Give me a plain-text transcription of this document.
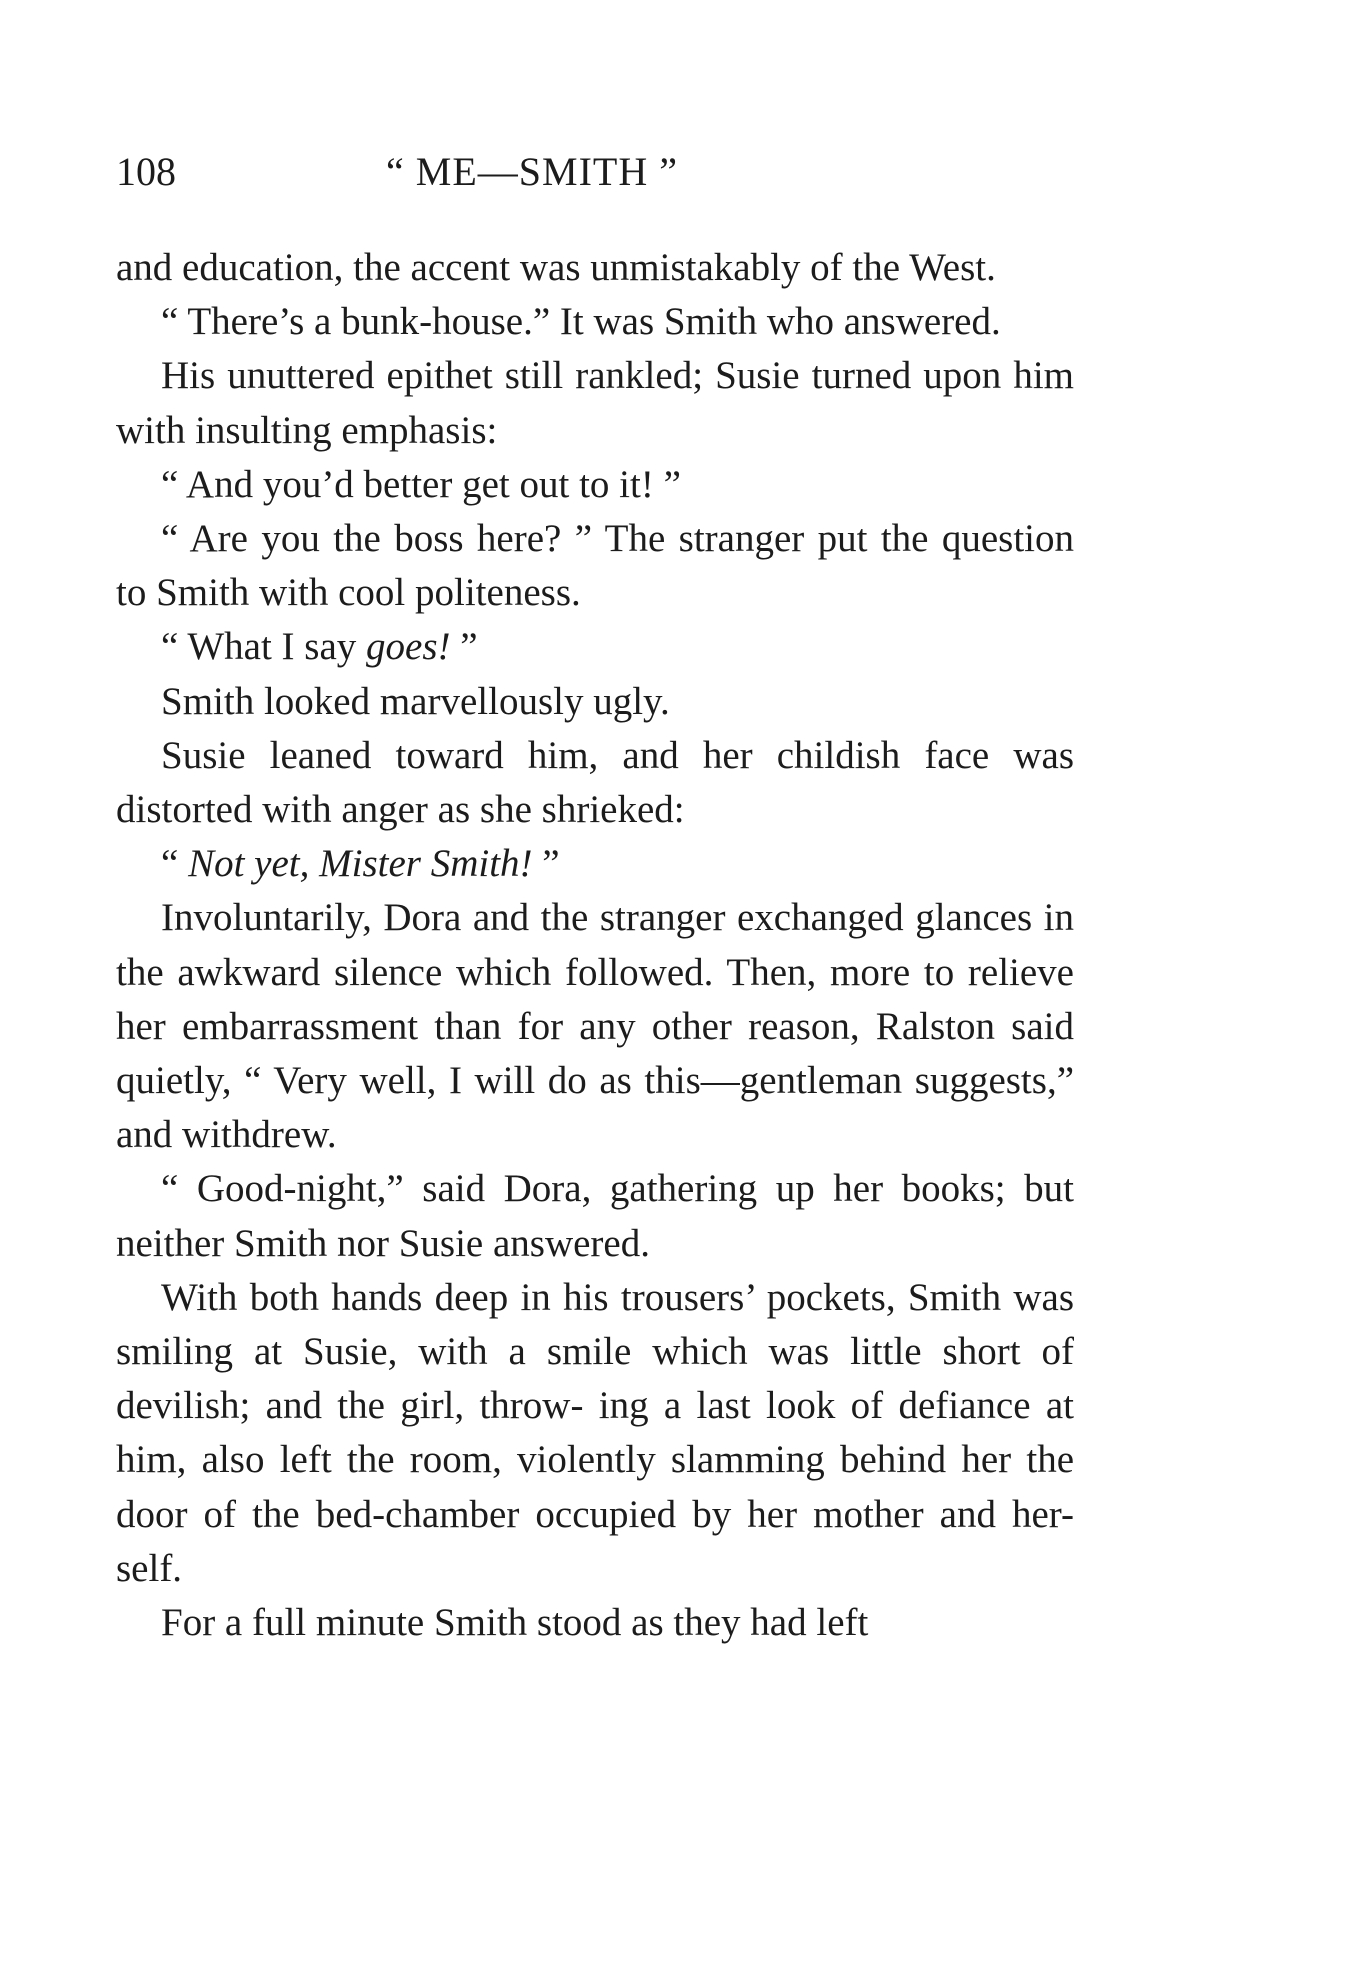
108	“ ME—SMITH ”

and education, the accent was unmistakably of the West.

“ There’s a bunk-house.” It was Smith who answered.

His unuttered epithet still rankled; Susie turned upon him with insulting emphasis:

“ And you’d better get out to it! ”

“ Are you the boss here? ” The stranger put the question to Smith with cool politeness.

“ What I say goes! ”

Smith looked marvellously ugly.

Susie leaned toward him, and her childish face was distorted with anger as she shrieked:

“ Not yet, Mister Smith! ”

Involuntarily, Dora and the stranger exchanged glances in the awkward silence which followed. Then, more to relieve her embarrassment than for any other reason, Ralston said quietly, “ Very well, I will do as this—gentleman suggests,” and withdrew.

“ Good-night,” said Dora, gathering up her books; but neither Smith nor Susie answered.

With both hands deep in his trousers’ pockets, Smith was smiling at Susie, with a smile which was little short of devilish; and the girl, throw- ing a last look of defiance at him, also left the room, violently slamming behind her the door of the bed-chamber occupied by her mother and her- self.

For a full minute Smith stood as they had left
